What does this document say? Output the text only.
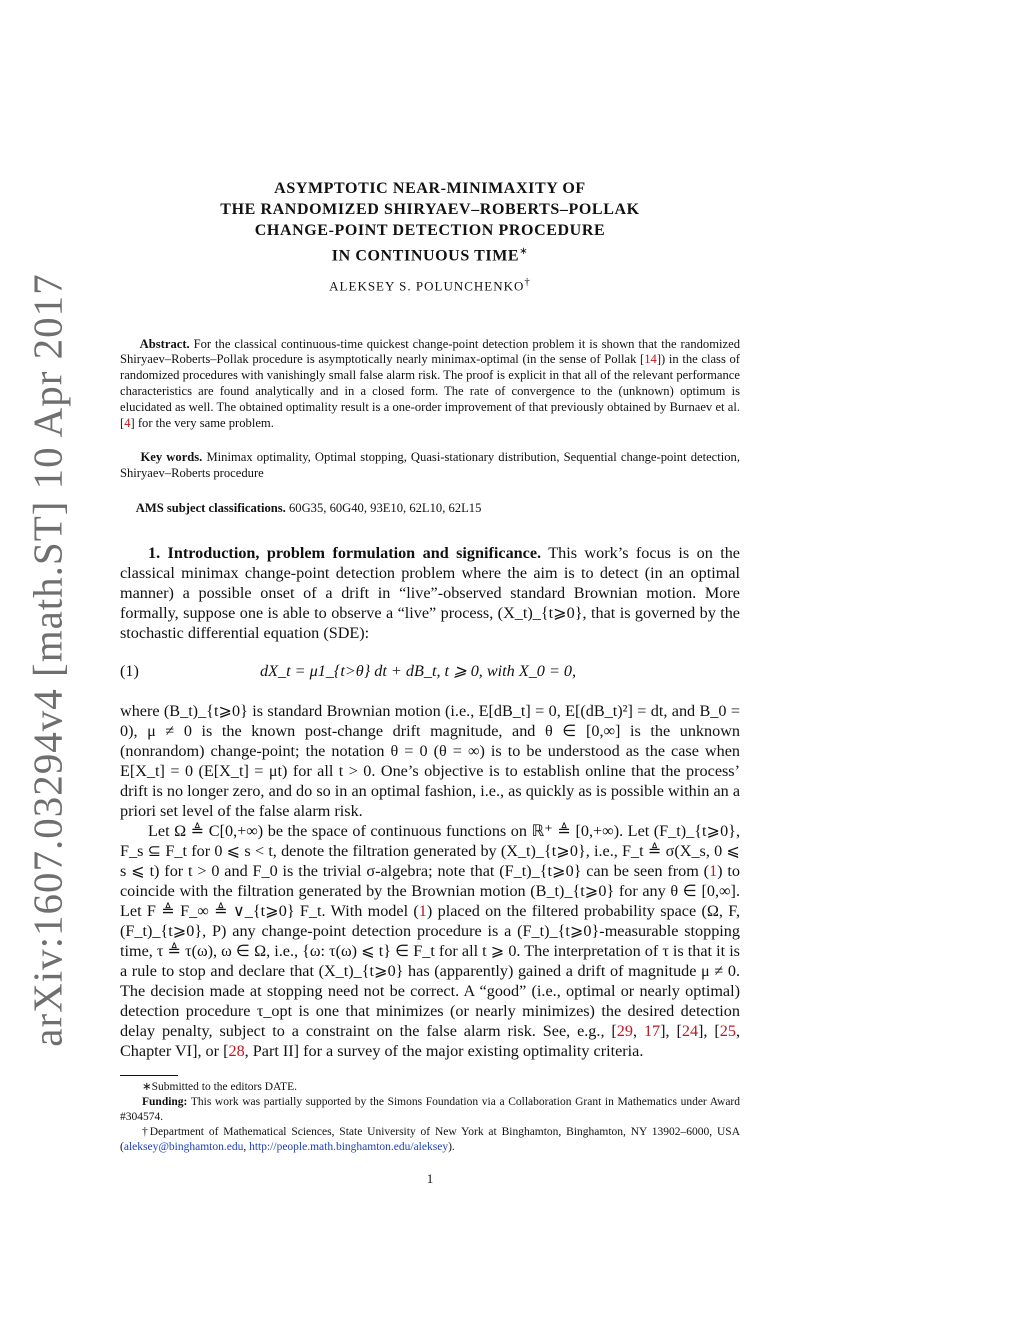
arXiv:1607.03294v4 [math.ST] 10 Apr 2017
ASYMPTOTIC NEAR-MINIMAXITY OF
THE RANDOMIZED SHIRYAEV–ROBERTS–POLLAK
CHANGE-POINT DETECTION PROCEDURE
IN CONTINUOUS TIME∗
ALEKSEY S. POLUNCHENKO†
Abstract. For the classical continuous-time quickest change-point detection problem it is shown that the randomized Shiryaev–Roberts–Pollak procedure is asymptotically nearly minimax-optimal (in the sense of Pollak [14]) in the class of randomized procedures with vanishingly small false alarm risk. The proof is explicit in that all of the relevant performance characteristics are found analytically and in a closed form. The rate of convergence to the (unknown) optimum is elucidated as well. The obtained optimality result is a one-order improvement of that previously obtained by Burnaev et al. [4] for the very same problem.
Key words. Minimax optimality, Optimal stopping, Quasi-stationary distribution, Sequential change-point detection, Shiryaev–Roberts procedure
AMS subject classifications. 60G35, 60G40, 93E10, 62L10, 62L15

1. Introduction, problem formulation and significance. This work’s focus is on the classical minimax change-point detection problem where the aim is to detect (in an optimal manner) a possible onset of a drift in “live”-observed standard Brownian motion. More formally, suppose one is able to observe a “live” process, (X_t)_{t⩾0}, that is governed by the stochastic differential equation (SDE):

(1)	dX_t = μ1_{t>θ} dt + dB_t, t ⩾ 0, with X_0 = 0,

where (B_t)_{t⩾0} is standard Brownian motion (i.e., E[dB_t] = 0, E[(dB_t)²] = dt, and B_0 = 0), μ ≠ 0 is the known post-change drift magnitude, and θ ∈ [0,∞] is the unknown (nonrandom) change-point; the notation θ = 0 (θ = ∞) is to be understood as the case when E[X_t] = 0 (E[X_t] = μt) for all t > 0. One’s objective is to establish online that the process’ drift is no longer zero, and do so in an optimal fashion, i.e., as quickly as is possible within an a priori set level of the false alarm risk.

Let Ω ≜ C[0,+∞) be the space of continuous functions on ℝ⁺ ≜ [0,+∞). Let (F_t)_{t⩾0}, F_s ⊆ F_t for 0 ⩽ s < t, denote the filtration generated by (X_t)_{t⩾0}, i.e., F_t ≜ σ(X_s, 0 ⩽ s ⩽ t) for t > 0 and F_0 is the trivial σ-algebra; note that (F_t)_{t⩾0} can be seen from (1) to coincide with the filtration generated by the Brownian motion (B_t)_{t⩾0} for any θ ∈ [0,∞]. Let F ≜ F_∞ ≜ ∨_{t⩾0} F_t. With model (1) placed on the filtered probability space (Ω, F, (F_t)_{t⩾0}, P) any change-point detection procedure is a (F_t)_{t⩾0}-measurable stopping time, τ ≜ τ(ω), ω ∈ Ω, i.e., {ω: τ(ω) ⩽ t} ∈ F_t for all t ⩾ 0. The interpretation of τ is that it is a rule to stop and declare that (X_t)_{t⩾0} has (apparently) gained a drift of magnitude μ ≠ 0. The decision made at stopping need not be correct. A “good” (i.e., optimal or nearly optimal) detection procedure τ_opt is one that minimizes (or nearly minimizes) the desired detection delay penalty, subject to a constraint on the false alarm risk. See, e.g., [29, 17], [24], [25, Chapter VI], or [28, Part II] for a survey of the major existing optimality criteria.

∗Submitted to the editors DATE.

Funding: This work was partially supported by the Simons Foundation via a Collaboration Grant in Mathematics under Award #304574.

†Department of Mathematical Sciences, State University of New York at Binghamton, Binghamton, NY 13902–6000, USA (aleksey@binghamton.edu, http://people.math.binghamton.edu/aleksey).

1
